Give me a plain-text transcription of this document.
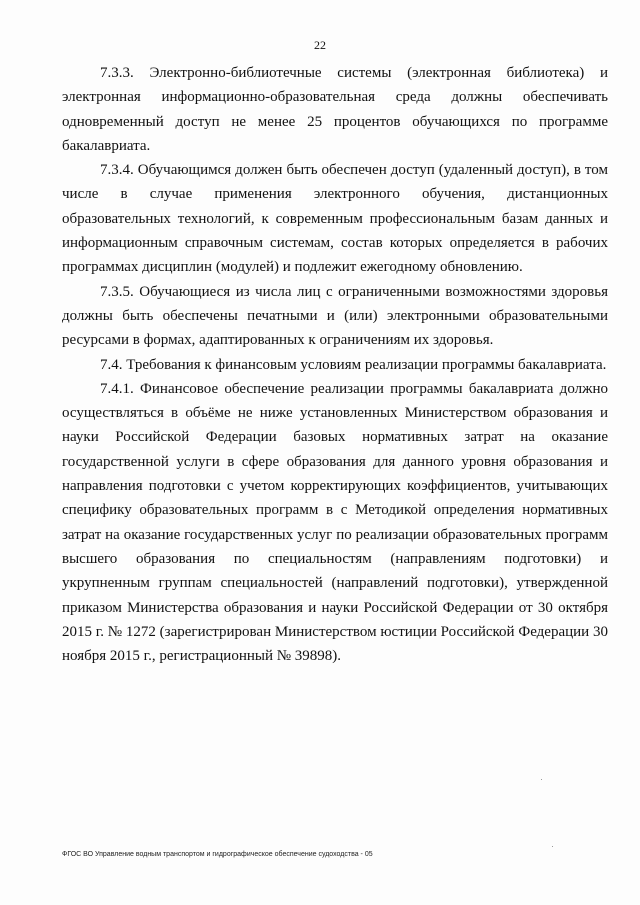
22

7.3.3. Электронно-библиотечные системы (электронная библиотека) и электронная информационно-образовательная среда должны обеспечивать одновременный доступ не менее 25 процентов обучающихся по программе бакалавриата.

7.3.4. Обучающимся должен быть обеспечен доступ (удаленный доступ), в том числе в случае применения электронного обучения, дистанционных образовательных технологий, к современным профессиональным базам данных и информационным справочным системам, состав которых определяется в рабочих программах дисциплин (модулей) и подлежит ежегодному обновлению.

7.3.5. Обучающиеся из числа лиц с ограниченными возможностями здоровья должны быть обеспечены печатными и (или) электронными образовательными ресурсами в формах, адаптированных к ограничениям их здоровья.

7.4. Требования к финансовым условиям реализации программы бакалавриата.

7.4.1. Финансовое обеспечение реализации программы бакалавриата должно осуществляться в объёме не ниже установленных Министерством образования и науки Российской Федерации базовых нормативных затрат на оказание государственной услуги в сфере образования для данного уровня образования и направления подготовки с учетом корректирующих коэффициентов, учитывающих специфику образовательных программ в с Методикой определения нормативных затрат на оказание государственных услуг по реализации образовательных программ высшего образования по специальностям (направлениям подготовки) и укрупненным группам специальностей (направлений подготовки), утвержденной приказом Министерства образования и науки Российской Федерации от 30 октября 2015 г. № 1272 (зарегистрирован Министерством юстиции Российской Федерации 30 ноября 2015 г., регистрационный № 39898).

ФГОС ВО Управление водным транспортом и гидрографическое обеспечение судоходства - 05
